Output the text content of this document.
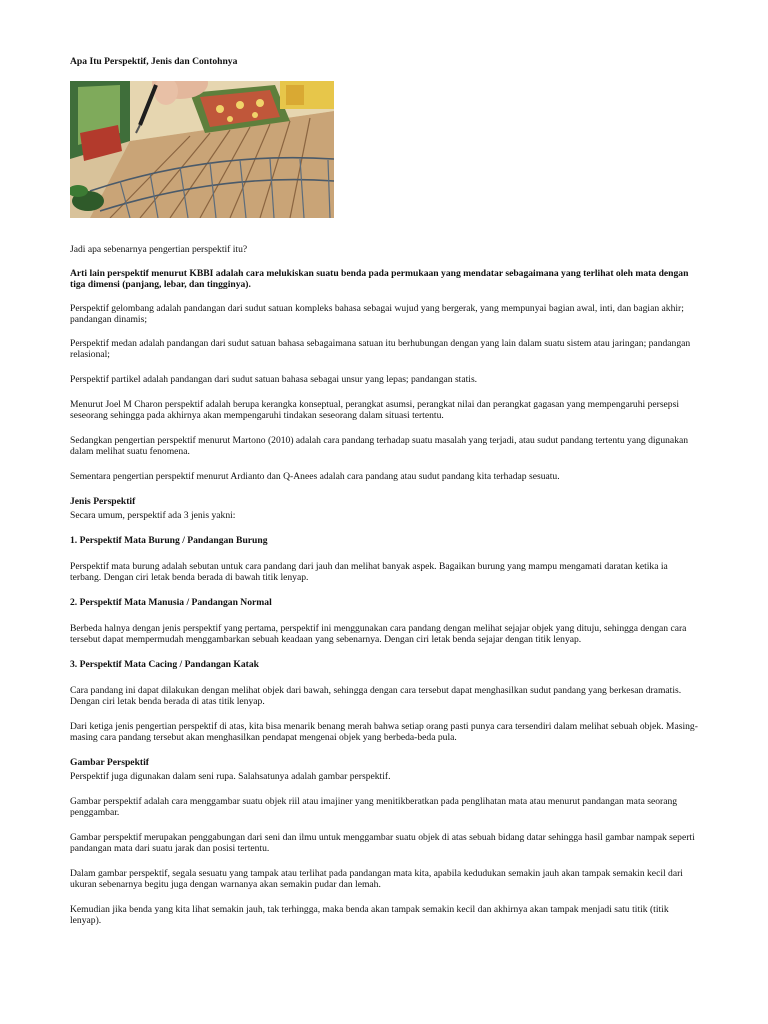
Apa Itu Perspektif, Jenis dan Contohnya

Jadi apa sebenarnya pengertian perspektif itu?

Arti lain perspektif menurut KBBI adalah cara melukiskan suatu benda pada permukaan yang mendatar sebagaimana yang terlihat oleh mata dengan tiga dimensi (panjang, lebar, dan tingginya).

Perspektif gelombang adalah pandangan dari sudut satuan kompleks bahasa sebagai wujud yang bergerak, yang mempunyai bagian awal, inti, dan bagian akhir; pandangan dinamis;

Perspektif medan adalah pandangan dari sudut satuan bahasa sebagaimana satuan itu berhubungan dengan yang lain dalam suatu sistem atau jaringan; pandangan relasional;

Perspektif partikel adalah pandangan dari sudut satuan bahasa sebagai unsur yang lepas; pandangan statis.

Menurut Joel M Charon perspektif adalah berupa kerangka konseptual, perangkat asumsi, perangkat nilai dan perangkat gagasan yang mempengaruhi persepsi seseorang sehingga pada akhirnya akan mempengaruhi tindakan seseorang dalam situasi tertentu.

Sedangkan pengertian perspektif menurut Martono (2010) adalah cara pandang terhadap suatu masalah yang terjadi, atau sudut pandang tertentu yang digunakan dalam melihat suatu fenomena.

Sementara pengertian perspektif menurut Ardianto dan Q-Anees adalah cara pandang atau sudut pandang kita terhadap sesuatu.

Jenis Perspektif

Secara umum, perspektif ada 3 jenis yakni:

1. Perspektif Mata Burung / Pandangan Burung

Perspektif mata burung adalah sebutan untuk cara pandang dari jauh dan melihat banyak aspek. Bagaikan burung yang mampu mengamati daratan ketika ia terbang. Dengan ciri letak benda berada di bawah titik lenyap.

2. Perspektif Mata Manusia / Pandangan Normal

Berbeda halnya dengan jenis perspektif yang pertama, perspektif ini menggunakan cara pandang dengan melihat sejajar objek yang dituju, sehingga dengan cara tersebut dapat mempermudah menggambarkan sebuah keadaan yang sebenarnya. Dengan ciri letak benda sejajar dengan titik lenyap.

3. Perspektif Mata Cacing / Pandangan Katak

Cara pandang ini dapat dilakukan dengan melihat objek dari bawah, sehingga dengan cara tersebut dapat menghasilkan sudut pandang yang berkesan dramatis. Dengan ciri letak benda berada di atas titik lenyap.

Dari ketiga jenis pengertian perspektif di atas, kita bisa menarik benang merah bahwa setiap orang pasti punya cara tersendiri dalam melihat sebuah objek. Masing-masing cara pandang tersebut akan menghasilkan pendapat mengenai objek yang berbeda-beda pula.

Gambar Perspektif

Perspektif juga digunakan dalam seni rupa. Salahsatunya adalah gambar perspektif.

Gambar perspektif adalah cara menggambar suatu objek riil atau imajiner yang menitikberatkan pada penglihatan mata atau menurut pandangan mata seorang penggambar.

Gambar perspektif merupakan penggabungan dari seni dan ilmu untuk menggambar suatu objek di atas sebuah bidang datar sehingga hasil gambar nampak seperti pandangan mata dari suatu jarak dan posisi tertentu.

Dalam gambar perspektif, segala sesuatu yang tampak atau terlihat pada pandangan mata kita, apabila kedudukan semakin jauh akan tampak semakin kecil dari ukuran sebenarnya begitu juga dengan warnanya akan semakin pudar dan lemah.

Kemudian jika benda yang kita lihat semakin jauh, tak terhingga, maka benda akan tampak semakin kecil dan akhirnya akan tampak menjadi satu titik (titik lenyap).
